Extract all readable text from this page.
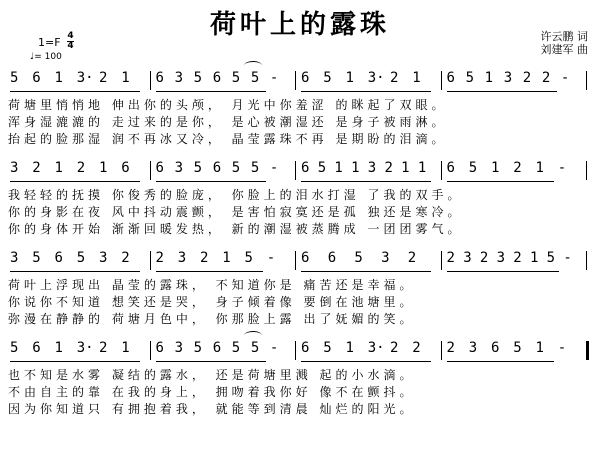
荷叶上的露珠
1=F 4
4
♩= 100
许云鹏 词
刘建军 曲
5 6 1 3· 2 1 6 3 5 6 5 5 - 6 5 1 3· 2 1 6 5 1 3 2 2 -
荷塘里悄悄地 伸出你的头颅， 月光中你羞涩 的眯起了双眼。
浑身湿漉漉的 走过来的是你， 是心被潮湿还 是身子被雨淋。
抬起的脸那湿 润不再冰又冷， 晶莹露珠不再 是期盼的泪滴。
3 2 1 2 1 6 6 3 5 6 5 5 - 6 5 1 1 3 2 1 1 6 5 1 2 1 -
我轻轻的抚摸 你俊秀的脸庞， 你脸上的泪水打湿 了我的双手。
你的身影在夜 风中抖动震颤， 是害怕寂寞还是孤 独还是寒冷。
你的身体开始 渐渐回暖发热， 新的潮湿被蒸腾成 一团团雾气。
3 5 6 5 3 2 2 3 2 1 5 - 6 6 5 3 2 2 3 2 3 2 1 5 -
荷叶上浮现出 晶莹的露珠， 不知道你是 痛苦还是幸福。
你说你不知道 想笑还是哭， 身子倾着像 要倒在池塘里。
弥漫在静静的 荷塘月色中， 你那脸上露 出了妩媚的笑。
5 6 1 3· 2 1 6 3 5 6 5 5 - 6 5 1 3· 2 2 2 3 6 5 1 -
也不知是水雾 凝结的露水， 还是荷塘里溅 起的小水滴。
不由自主的靠 在我的身上， 拥吻着我你好 像不在颤抖。
因为你知道只 有拥抱着我， 就能等到清晨 灿烂的阳光。
